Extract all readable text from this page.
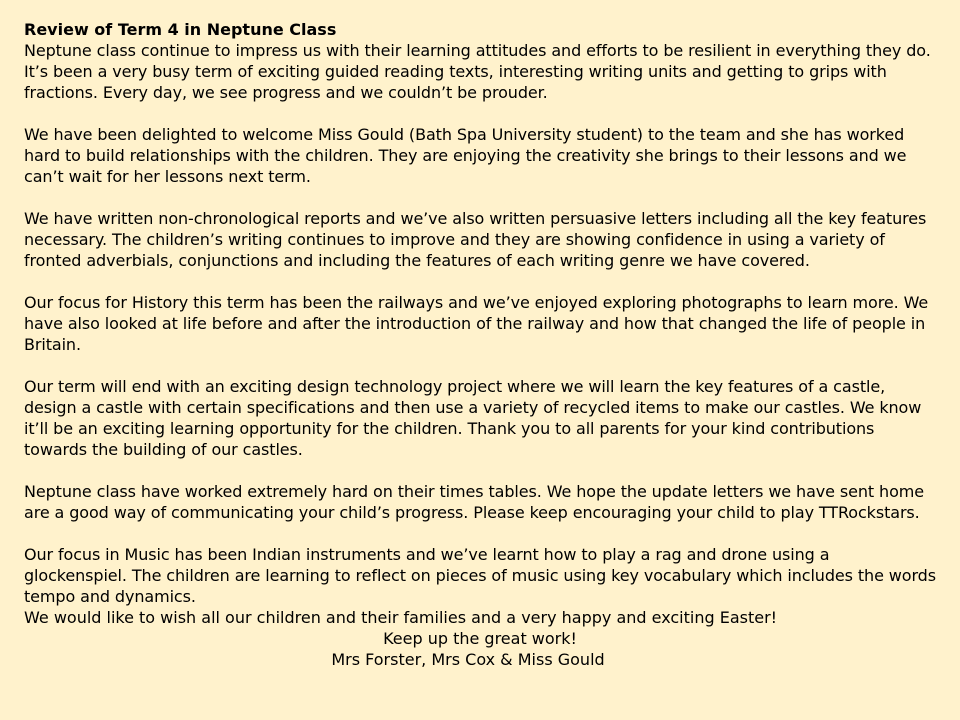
Review of Term 4 in Neptune Class

Neptune class continue to impress us with their learning attitudes and efforts to be resilient in everything they do. It’s been a very busy term of exciting guided reading texts, interesting writing units and getting to grips with fractions. Every day, we see progress and we couldn’t be prouder.

We have been delighted to welcome Miss Gould (Bath Spa University student) to the team and she has worked hard to build relationships with the children. They are enjoying the creativity she brings to their lessons and we can’t wait for her lessons next term.

We have written non-chronological reports and we’ve also written persuasive letters including all the key features necessary. The children’s writing continues to improve and they are showing confidence in using a variety of fronted adverbials, conjunctions and including the features of each writing genre we have covered.

Our focus for History this term has been the railways and we’ve enjoyed exploring photographs to learn more. We have also looked at life before and after the introduction of the railway and how that changed the life of people in Britain.

Our term will end with an exciting design technology project where we will learn the key features of a castle, design a castle with certain specifications and then use a variety of recycled items to make our castles. We know it’ll be an exciting learning opportunity for the children. Thank you to all parents for your kind contributions towards the building of our castles.

Neptune class have worked extremely hard on their times tables. We hope the update letters we have sent home are a good way of communicating your child’s progress. Please keep encouraging your child to play TTRockstars.

Our focus in Music has been Indian instruments and we’ve learnt how to play a rag and drone using a glockenspiel. The children are learning to reflect on pieces of music using key vocabulary which includes the words tempo and dynamics.

We would like to wish all our children and their families and a very happy and exciting Easter!

Keep up the great work!

Mrs Forster, Mrs Cox & Miss Gould
